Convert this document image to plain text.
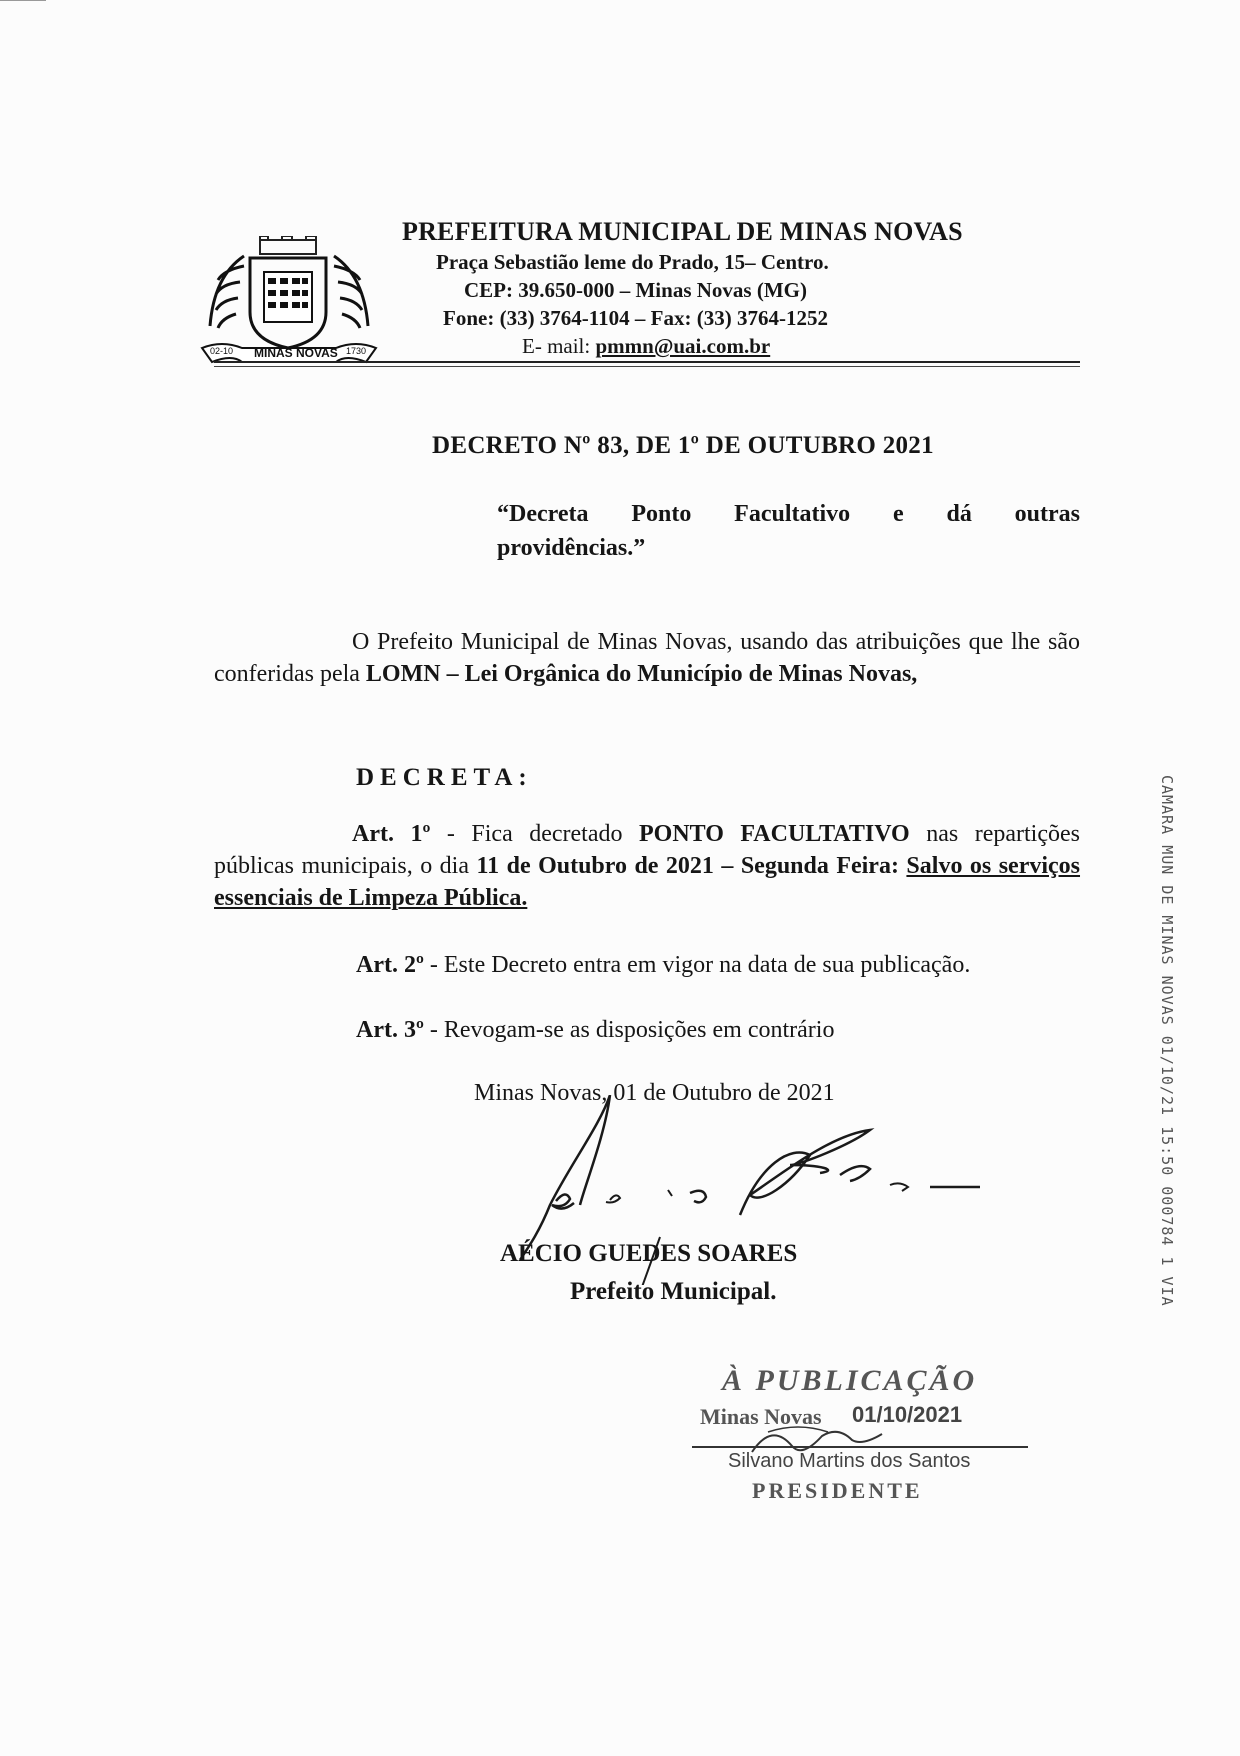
MINAS NOVAS
02-10	1730
PREFEITURA MUNICIPAL DE MINAS NOVAS
Praça Sebastião leme do Prado, 15– Centro.
CEP: 39.650-000 – Minas Novas (MG)
Fone: (33) 3764-1104 – Fax: (33) 3764-1252
E- mail: pmmn@uai.com.br
DECRETO Nº 83, DE 1º DE OUTUBRO 2021
“Decreta Ponto Facultativo e dá outras
providências.”
O Prefeito Municipal de Minas Novas, usando das atribuições que lhe são conferidas pela LOMN – Lei Orgânica do Município de Minas Novas,
DECRETA:
Art. 1º - Fica decretado PONTO FACULTATIVO nas repartições públicas municipais, o dia 11 de Outubro de 2021 – Segunda Feira: Salvo os serviços essenciais de Limpeza Pública.
Art. 2º - Este Decreto entra em vigor na data de sua publicação.
Art. 3º - Revogam-se as disposições em contrário
Minas Novas, 01 de Outubro de 2021
AÉCIO GUEDES SOARES
Prefeito Municipal.
À PUBLICAÇÃO
Minas Novas 01/10/2021
Silvano Martins dos Santos
PRESIDENTE
CAMARA MUN DE MINAS NOVAS 01/10/21 15:50 000784 1 VIA
